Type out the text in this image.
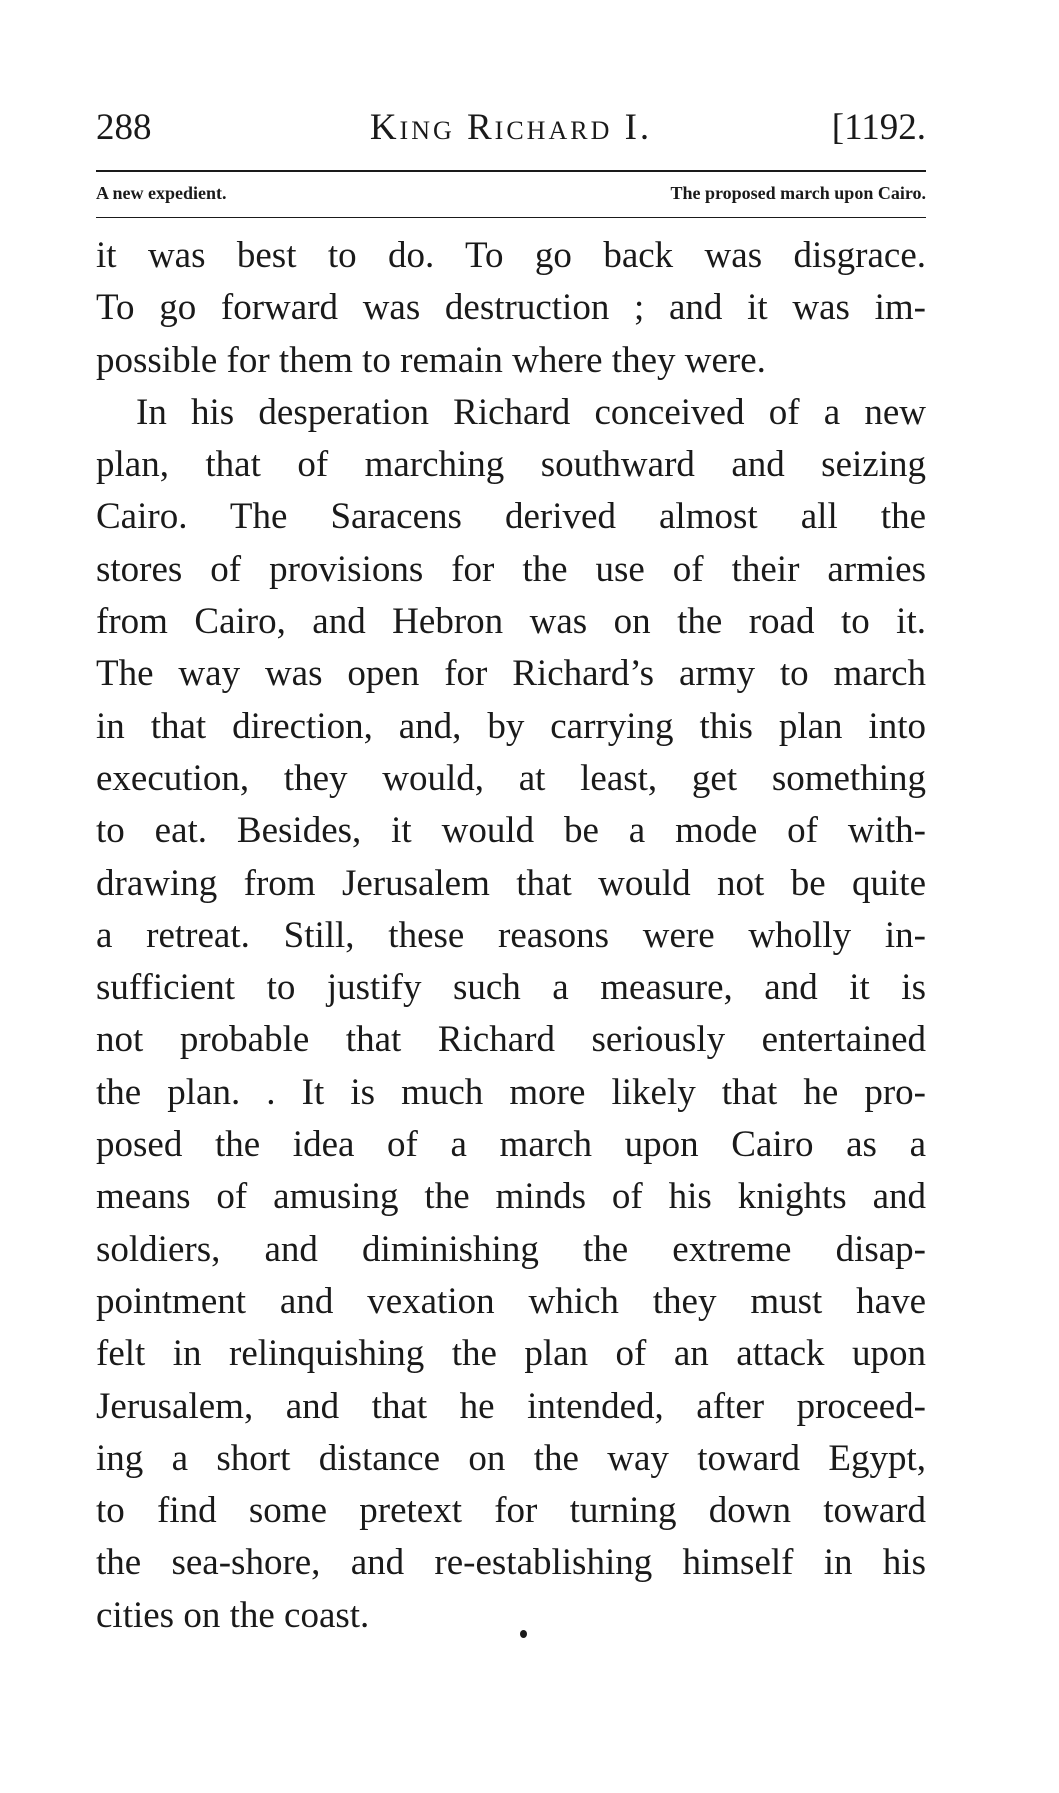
288	King Richard I.	[1192.
A new expedient.	The proposed march upon Cairo.
it was best to do. To go back was disgrace.
To go forward was destruction ; and it was im-
possible for them to remain where they were.
In his desperation Richard conceived of a new
plan, that of marching southward and seizing
Cairo. The Saracens derived almost all the
stores of provisions for the use of their armies
from Cairo, and Hebron was on the road to it.
The way was open for Richard’s army to march
in that direction, and, by carrying this plan into
execution, they would, at least, get something
to eat. Besides, it would be a mode of with-
drawing from Jerusalem that would not be quite
a retreat. Still, these reasons were wholly in-
sufficient to justify such a measure, and it is
not probable that Richard seriously entertained
the plan. . It is much more likely that he pro-
posed the idea of a march upon Cairo as a
means of amusing the minds of his knights and
soldiers, and diminishing the extreme disap-
pointment and vexation which they must have
felt in relinquishing the plan of an attack upon
Jerusalem, and that he intended, after proceed-
ing a short distance on the way toward Egypt,
to find some pretext for turning down toward
the sea-shore, and re-establishing himself in his
cities on the coast.
